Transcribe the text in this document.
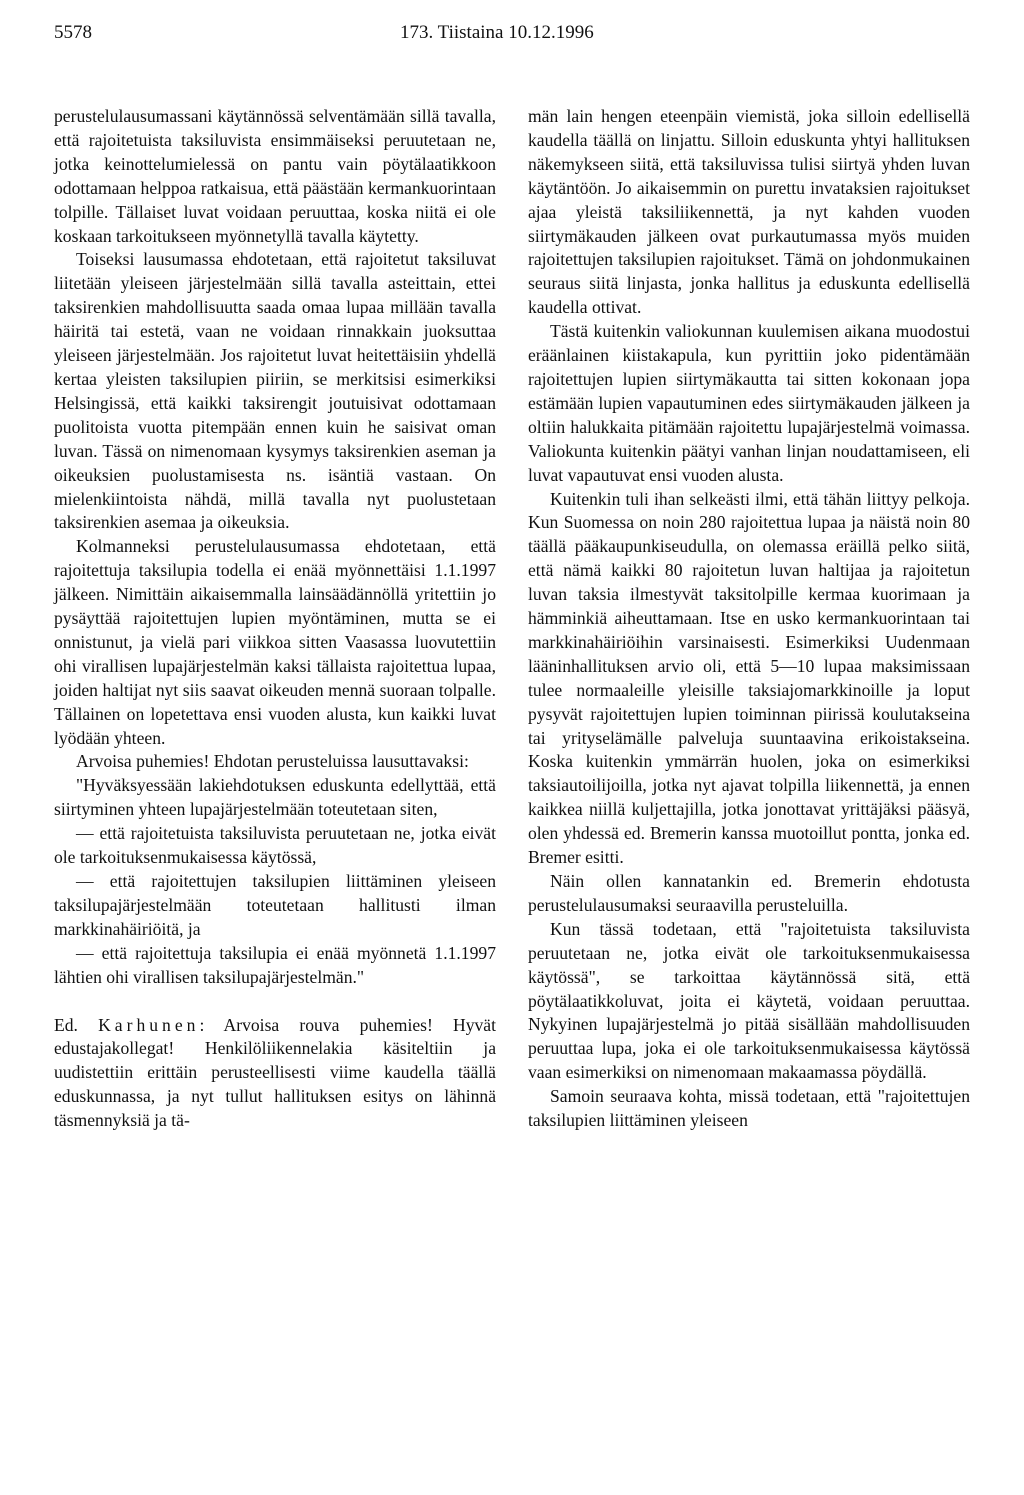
5578	173. Tiistaina 10.12.1996

perustelulausumassani käytännössä selventämään sillä tavalla, että rajoitetuista taksiluvista ensimmäiseksi peruutetaan ne, jotka keinottelumielessä on pantu vain pöytälaatikkoon odottamaan helppoa ratkaisua, että päästään kermankuorintaan tolpille. Tällaiset luvat voidaan peruuttaa, koska niitä ei ole koskaan tarkoitukseen myönnetyllä tavalla käytetty.

Toiseksi lausumassa ehdotetaan, että rajoitetut taksiluvat liitetään yleiseen järjestelmään sillä tavalla asteittain, ettei taksirenkien mahdollisuutta saada omaa lupaa millään tavalla häiritä tai estetä, vaan ne voidaan rinnakkain juoksuttaa yleiseen järjestelmään. Jos rajoitetut luvat heitettäisiin yhdellä kertaa yleisten taksilupien piiriin, se merkitsisi esimerkiksi Helsingissä, että kaikki taksirengit joutuisivat odottamaan puolitoista vuotta pitempään ennen kuin he saisivat oman luvan. Tässä on nimenomaan kysymys taksirenkien aseman ja oikeuksien puolustamisesta ns. isäntiä vastaan. On mielenkiintoista nähdä, millä tavalla nyt puolustetaan taksirenkien asemaa ja oikeuksia.

Kolmanneksi perustelulausumassa ehdotetaan, että rajoitettuja taksilupia todella ei enää myönnettäisi 1.1.1997 jälkeen. Nimittäin aikaisemmalla lainsäädännöllä yritettiin jo pysäyttää rajoitettujen lupien myöntäminen, mutta se ei onnistunut, ja vielä pari viikkoa sitten Vaasassa luovutettiin ohi virallisen lupajärjestelmän kaksi tällaista rajoitettua lupaa, joiden haltijat nyt siis saavat oikeuden mennä suoraan tolpalle. Tällainen on lopetettava ensi vuoden alusta, kun kaikki luvat lyödään yhteen.

Arvoisa puhemies! Ehdotan perusteluissa lausuttavaksi:

"Hyväksyessään lakiehdotuksen eduskunta edellyttää, että siirtyminen yhteen lupajärjestelmään toteutetaan siten,

— että rajoitetuista taksiluvista peruutetaan ne, jotka eivät ole tarkoituksenmukaisessa käytössä,

— että rajoitettujen taksilupien liittäminen yleiseen taksilupajärjestelmään toteutetaan hallitusti ilman markkinahäiriöitä, ja

— että rajoitettuja taksilupia ei enää myönnetä 1.1.1997 lähtien ohi virallisen taksilupajärjestelmän."

Ed. Karhunen: Arvoisa rouva puhemies! Hyvät edustajakollegat! Henkilöliikennelakia käsiteltiin ja uudistettiin erittäin perusteellisesti viime kaudella täällä eduskunnassa, ja nyt tullut hallituksen esitys on lähinnä täsmennyksiä ja tä-

män lain hengen eteenpäin viemistä, joka silloin edellisellä kaudella täällä on linjattu. Silloin eduskunta yhtyi hallituksen näkemykseen siitä, että taksiluvissa tulisi siirtyä yhden luvan käytäntöön. Jo aikaisemmin on purettu invataksien rajoitukset ajaa yleistä taksiliikennettä, ja nyt kahden vuoden siirtymäkauden jälkeen ovat purkautumassa myös muiden rajoitettujen taksilupien rajoitukset. Tämä on johdonmukainen seuraus siitä linjasta, jonka hallitus ja eduskunta edellisellä kaudella ottivat.

Tästä kuitenkin valiokunnan kuulemisen aikana muodostui eräänlainen kiistakapula, kun pyrittiin joko pidentämään rajoitettujen lupien siirtymäkautta tai sitten kokonaan jopa estämään lupien vapautuminen edes siirtymäkauden jälkeen ja oltiin halukkaita pitämään rajoitettu lupajärjestelmä voimassa. Valiokunta kuitenkin päätyi vanhan linjan noudattamiseen, eli luvat vapautuvat ensi vuoden alusta.

Kuitenkin tuli ihan selkeästi ilmi, että tähän liittyy pelkoja. Kun Suomessa on noin 280 rajoitettua lupaa ja näistä noin 80 täällä pääkaupunkiseudulla, on olemassa eräillä pelko siitä, että nämä kaikki 80 rajoitetun luvan haltijaa ja rajoitetun luvan taksia ilmestyvät taksitolpille kermaa kuorimaan ja hämminkiä aiheuttamaan. Itse en usko kermankuorintaan tai markkinahäiriöihin varsinaisesti. Esimerkiksi Uudenmaan lääninhallituksen arvio oli, että 5—10 lupaa maksimissaan tulee normaaleille yleisille taksiajomarkkinoille ja loput pysyvät rajoitettujen lupien toiminnan piirissä koulutakseina tai yrityselämälle palveluja suuntaavina erikoistakseina. Koska kuitenkin ymmärrän huolen, joka on esimerkiksi taksiautoilijoilla, jotka nyt ajavat tolpilla liikennettä, ja ennen kaikkea niillä kuljettajilla, jotka jonottavat yrittäjäksi pääsyä, olen yhdessä ed. Bremerin kanssa muotoillut pontta, jonka ed. Bremer esitti.

Näin ollen kannatankin ed. Bremerin ehdotusta perustelulausumaksi seuraavilla perusteluilla.

Kun tässä todetaan, että "rajoitetuista taksiluvista peruutetaan ne, jotka eivät ole tarkoituksenmukaisessa käytössä", se tarkoittaa käytännössä sitä, että pöytälaatikkoluvat, joita ei käytetä, voidaan peruuttaa. Nykyinen lupajärjestelmä jo pitää sisällään mahdollisuuden peruuttaa lupa, joka ei ole tarkoituksenmukaisessa käytössä vaan esimerkiksi on nimenomaan makaamassa pöydällä.

Samoin seuraava kohta, missä todetaan, että "rajoitettujen taksilupien liittäminen yleiseen
